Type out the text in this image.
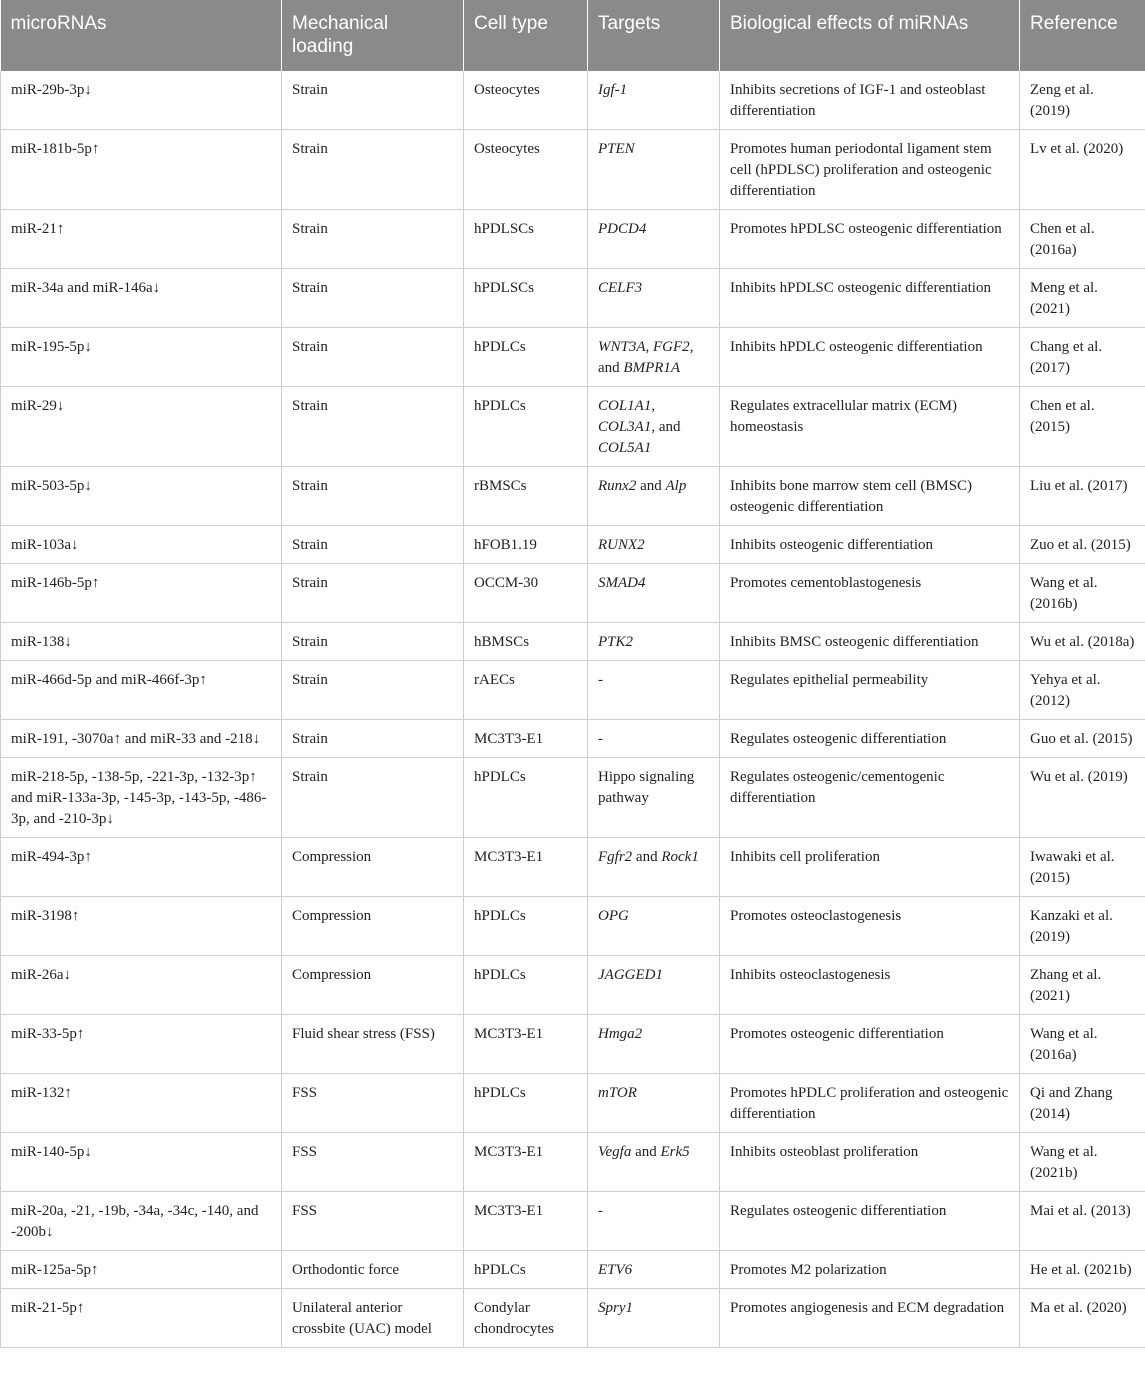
microRNAs	Mechanical loading	Cell type	Targets	Biological effects of miRNAs	Reference
miR-29b-3p↓	Strain	Osteocytes	Igf-1	Inhibits secretions of IGF-1 and osteoblast differentiation	Zeng et al. (2019)
miR-181b-5p↑	Strain	Osteocytes	PTEN	Promotes human periodontal ligament stem cell (hPDLSC) proliferation and osteogenic differentiation	Lv et al. (2020)
miR-21↑	Strain	hPDLSCs	PDCD4	Promotes hPDLSC osteogenic differentiation	Chen et al. (2016a)
miR-34a and miR-146a↓	Strain	hPDLSCs	CELF3	Inhibits hPDLSC osteogenic differentiation	Meng et al. (2021)
miR-195-5p↓	Strain	hPDLCs	WNT3A, FGF2, and BMPR1A	Inhibits hPDLC osteogenic differentiation	Chang et al. (2017)
miR-29↓	Strain	hPDLCs	COL1A1, COL3A1, and COL5A1	Regulates extracellular matrix (ECM) homeostasis	Chen et al. (2015)
miR-503-5p↓	Strain	rBMSCs	Runx2 and Alp	Inhibits bone marrow stem cell (BMSC) osteogenic differentiation	Liu et al. (2017)
miR-103a↓	Strain	hFOB1.19	RUNX2	Inhibits osteogenic differentiation	Zuo et al. (2015)
miR-146b-5p↑	Strain	OCCM-30	SMAD4	Promotes cementoblastogenesis	Wang et al. (2016b)
miR-138↓	Strain	hBMSCs	PTK2	Inhibits BMSC osteogenic differentiation	Wu et al. (2018a)
miR-466d-5p and miR-466f-3p↑	Strain	rAECs	-	Regulates epithelial permeability	Yehya et al. (2012)
miR-191, -3070a↑ and miR-33 and -218↓	Strain	MC3T3-E1	-	Regulates osteogenic differentiation	Guo et al. (2015)
miR-218-5p, -138-5p, -221-3p, -132-3p↑ and miR-133a-3p, -145-3p, -143-5p, -486-3p, and -210-3p↓	Strain	hPDLCs	Hippo signaling pathway	Regulates osteogenic/cementogenic differentiation	Wu et al. (2019)
miR-494-3p↑	Compression	MC3T3-E1	Fgfr2 and Rock1	Inhibits cell proliferation	Iwawaki et al. (2015)
miR-3198↑	Compression	hPDLCs	OPG	Promotes osteoclastogenesis	Kanzaki et al. (2019)
miR-26a↓	Compression	hPDLCs	JAGGED1	Inhibits osteoclastogenesis	Zhang et al. (2021)
miR-33-5p↑	Fluid shear stress (FSS)	MC3T3-E1	Hmga2	Promotes osteogenic differentiation	Wang et al. (2016a)
miR-132↑	FSS	hPDLCs	mTOR	Promotes hPDLC proliferation and osteogenic differentiation	Qi and Zhang (2014)
miR-140-5p↓	FSS	MC3T3-E1	Vegfa and Erk5	Inhibits osteoblast proliferation	Wang et al. (2021b)
miR-20a, -21, -19b, -34a, -34c, -140, and -200b↓	FSS	MC3T3-E1	-	Regulates osteogenic differentiation	Mai et al. (2013)
miR-125a-5p↑	Orthodontic force	hPDLCs	ETV6	Promotes M2 polarization	He et al. (2021b)
miR-21-5p↑	Unilateral anterior crossbite (UAC) model	Condylar chondrocytes	Spry1	Promotes angiogenesis and ECM degradation	Ma et al. (2020)
